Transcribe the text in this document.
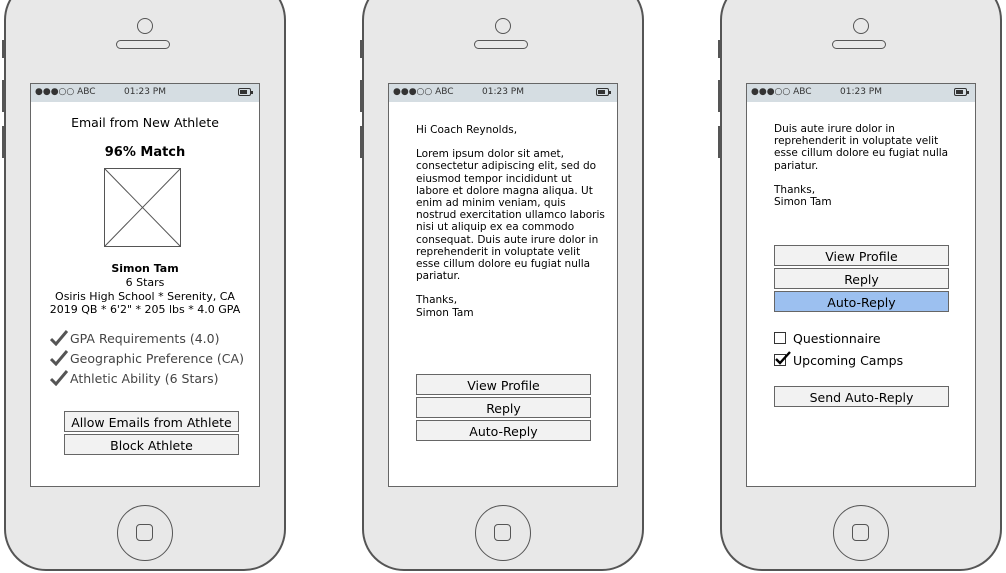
●●●○○ ABC	01:23 PM
Email from New Athlete
96% Match
Simon Tam
6 Stars
Osiris High School * Serenity, CA
2019 QB * 6'2" * 205 lbs * 4.0 GPA
GPA Requirements (4.0)
Geographic Preference (CA)
Athletic Ability (6 Stars)
Allow Emails from Athlete
Block Athlete
●●●○○ ABC	01:23 PM
Hi Coach Reynolds,
Lorem ipsum dolor sit amet, consectetur adipiscing elit, sed do eiusmod tempor incididunt ut labore et dolore magna aliqua. Ut enim ad minim veniam, quis nostrud exercitation ullamco laboris nisi ut aliquip ex ea commodo consequat. Duis aute irure dolor in reprehenderit in voluptate velit esse cillum dolore eu fugiat nulla pariatur.
Thanks,
Simon Tam
View Profile
Reply
Auto-Reply
●●●○○ ABC	01:23 PM
Duis aute irure dolor in reprehenderit in voluptate velit esse cillum dolore eu fugiat nulla pariatur.
Thanks,
Simon Tam
View Profile
Reply
Auto-Reply
Questionnaire
Upcoming Camps
Send Auto-Reply
